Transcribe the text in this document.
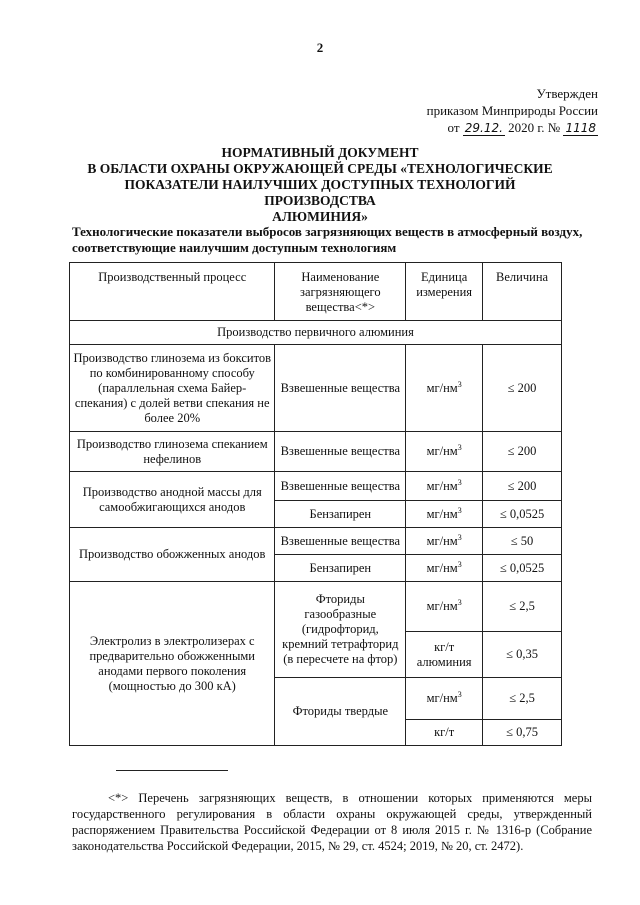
2
Утвержден
приказом Минприроды России
от 29.12. 2020 г. № 1118
НОРМАТИВНЫЙ ДОКУМЕНТ
В ОБЛАСТИ ОХРАНЫ ОКРУЖАЮЩЕЙ СРЕДЫ «ТЕХНОЛОГИЧЕСКИЕ
ПОКАЗАТЕЛИ НАИЛУЧШИХ ДОСТУПНЫХ ТЕХНОЛОГИЙ ПРОИЗВОДСТВА
АЛЮМИНИЯ»
Технологические показатели выбросов загрязняющих веществ в атмосферный воздух, соответствующие наилучшим доступным технологиям
Производственный процесс	Наименование загрязняющего вещества<*>	Единица измерения	Величина
Производство первичного алюминия			
Производство глинозема из бокситов по комбинированному способу (параллельная схема Байер-спекания) с долей ветви спекания не более 20%	Взвешенные вещества	$мг/нм^3$	≤ 200
Производство глинозема спеканием нефелинов	Взвешенные вещества	$мг/нм^3$	≤ 200
Производство анодной массы для самообжигающихся анодов	Взвешенные вещества	$мг/нм^3$	≤ 200
	Бензапирен	$мг/нм^3$	≤ 0,0525
Производство обожженных анодов	Взвешенные вещества	$мг/нм^3$	≤ 50
	Бензапирен	$мг/нм^3$	≤ 0,0525
Электролиз в электролизерах с предварительно обожженными анодами первого поколения (мощностью до 300 кА)	Фториды газообразные (гидрофторид, кремний тетрафторид (в пересчете на фтор)	$мг/нм^3$	≤ 2,5
		кг/т алюминия	≤ 0,35
	Фториды твердые	$мг/нм^3$	≤ 2,5
		кг/т	≤ 0,75
<*> Перечень загрязняющих веществ, в отношении которых применяются меры государственного регулирования в области охраны окружающей среды, утвержденный распоряжением Правительства Российской Федерации от 8 июля 2015 г. № 1316-р (Собрание законодательства Российской Федерации, 2015, № 29, ст. 4524; 2019, № 20, ст. 2472).
